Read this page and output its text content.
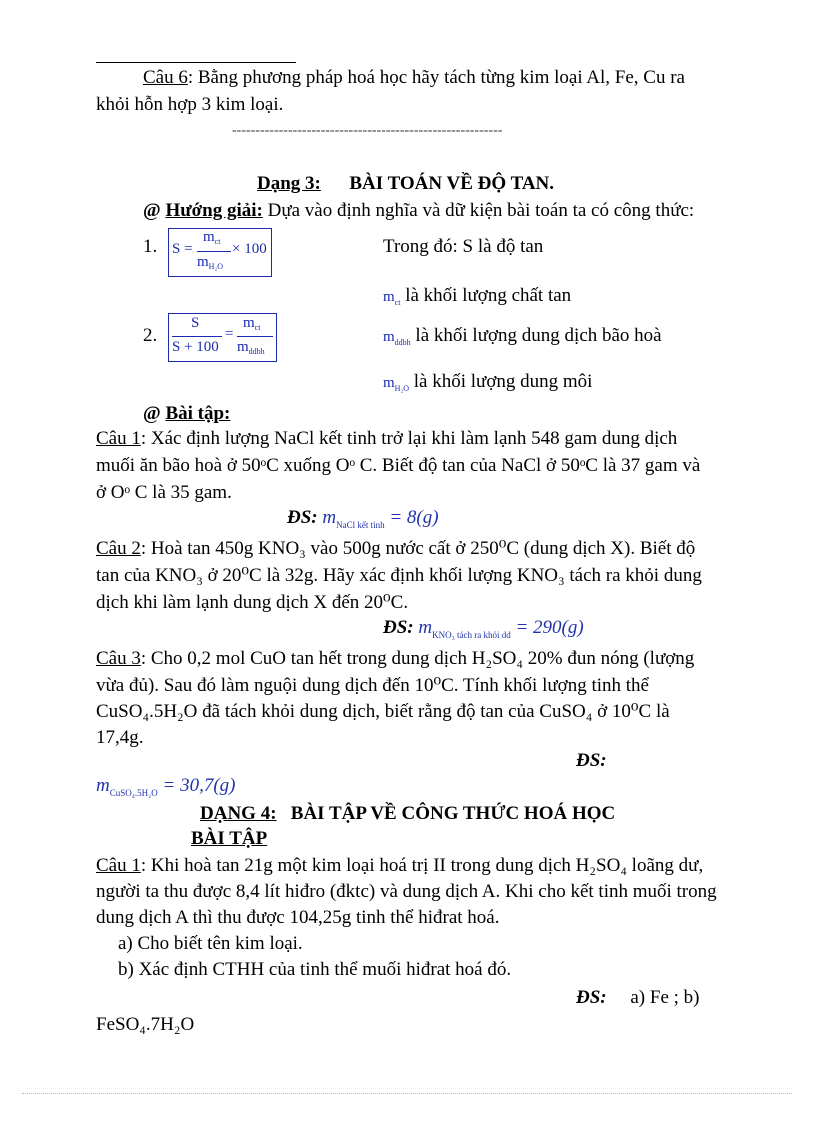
Câu 6: Bằng phương pháp hoá học hãy tách từng kim loại Al, Fe, Cu ra
khỏi hỗn hợp 3 kim loại.
----------------------------------------------------------
Dạng 3: BÀI TOÁN VỀ ĐỘ TAN.
@ Hướng giải: Dựa vào định nghĩa và dữ kiện bài toán ta có công thức:
1. S =
$m_{ct}$
$m_{H_2O}$
× 100	Trong đó: S là độ tan
$m_{ct}$ là khối lượng chất tan
2.
S
S + 100
=
$m_{ct}$
$m_{ddbh}$
$m_{ddbh}$ là khối lượng dung dịch bão hoà
$m_{H_2O}$ là khối lượng dung môi
@ Bài tập:
Câu 1: Xác định lượng NaCl kết tinh trở lại khi làm lạnh 548 gam dung dịch
muối ăn bão hoà ở 50ᵒC xuống Oᵒ C. Biết độ tan của NaCl ở 50ᵒC là 37 gam và
ở Oᵒ C là 35 gam.
ĐS: $m_{NaCl kết tinh} = 8(g)$
Câu 2: Hoà tan 450g KNO₃ vào 500g nước cất ở 250⁰C (dung dịch X). Biết độ
tan của KNO₃ ở 20⁰C là 32g. Hãy xác định khối lượng KNO₃ tách ra khỏi dung
dịch khi làm lạnh dung dịch X đến 20⁰C.
ĐS: $m_{KNO_3 tách ra khỏi dd} = 290(g)$
Câu 3: Cho 0,2 mol CuO tan hết trong dung dịch H₂SO₄ 20% đun nóng (lượng
vừa đủ). Sau đó làm nguội dung dịch đến 10⁰C. Tính khối lượng tinh thể
CuSO₄.5H₂O đã tách khỏi dung dịch, biết rằng độ tan của CuSO₄ ở 10⁰C là
17,4g.
ĐS:
$m_{CuSO_4.5H_2O} = 30,7(g)$
DẠNG 4: BÀI TẬP VỀ CÔNG THỨC HOÁ HỌC
BÀI TẬP
Câu 1: Khi hoà tan 21g một kim loại hoá trị II trong dung dịch H₂SO₄ loãng dư,
người ta thu được 8,4 lít hiđro (đktc) và dung dịch A. Khi cho kết tinh muối trong
dung dịch A thì thu được 104,25g tinh thể hiđrat hoá.
a) Cho biết tên kim loại.
b) Xác định CTHH của tinh thể muối hiđrat hoá đó.
ĐS: a) Fe ; b)
FeSO₄.7H₂O
